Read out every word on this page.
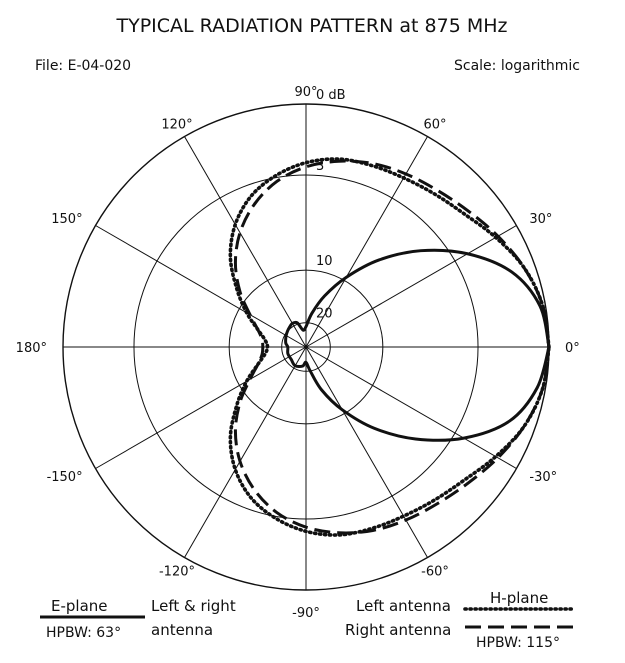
TYPICAL RADIATION PATTERN at 875 MHz
File: E-04-020	Scale: logarithmic
0 dB
3
10
20
0°
30°
60°
90°
120°
150°
180°
-150°
-120°
-90°
-60°
-30°
E-plane
HPBW: 63°
Left & right
antenna
H-plane
Left antenna
Right antenna
HPBW: 115°
